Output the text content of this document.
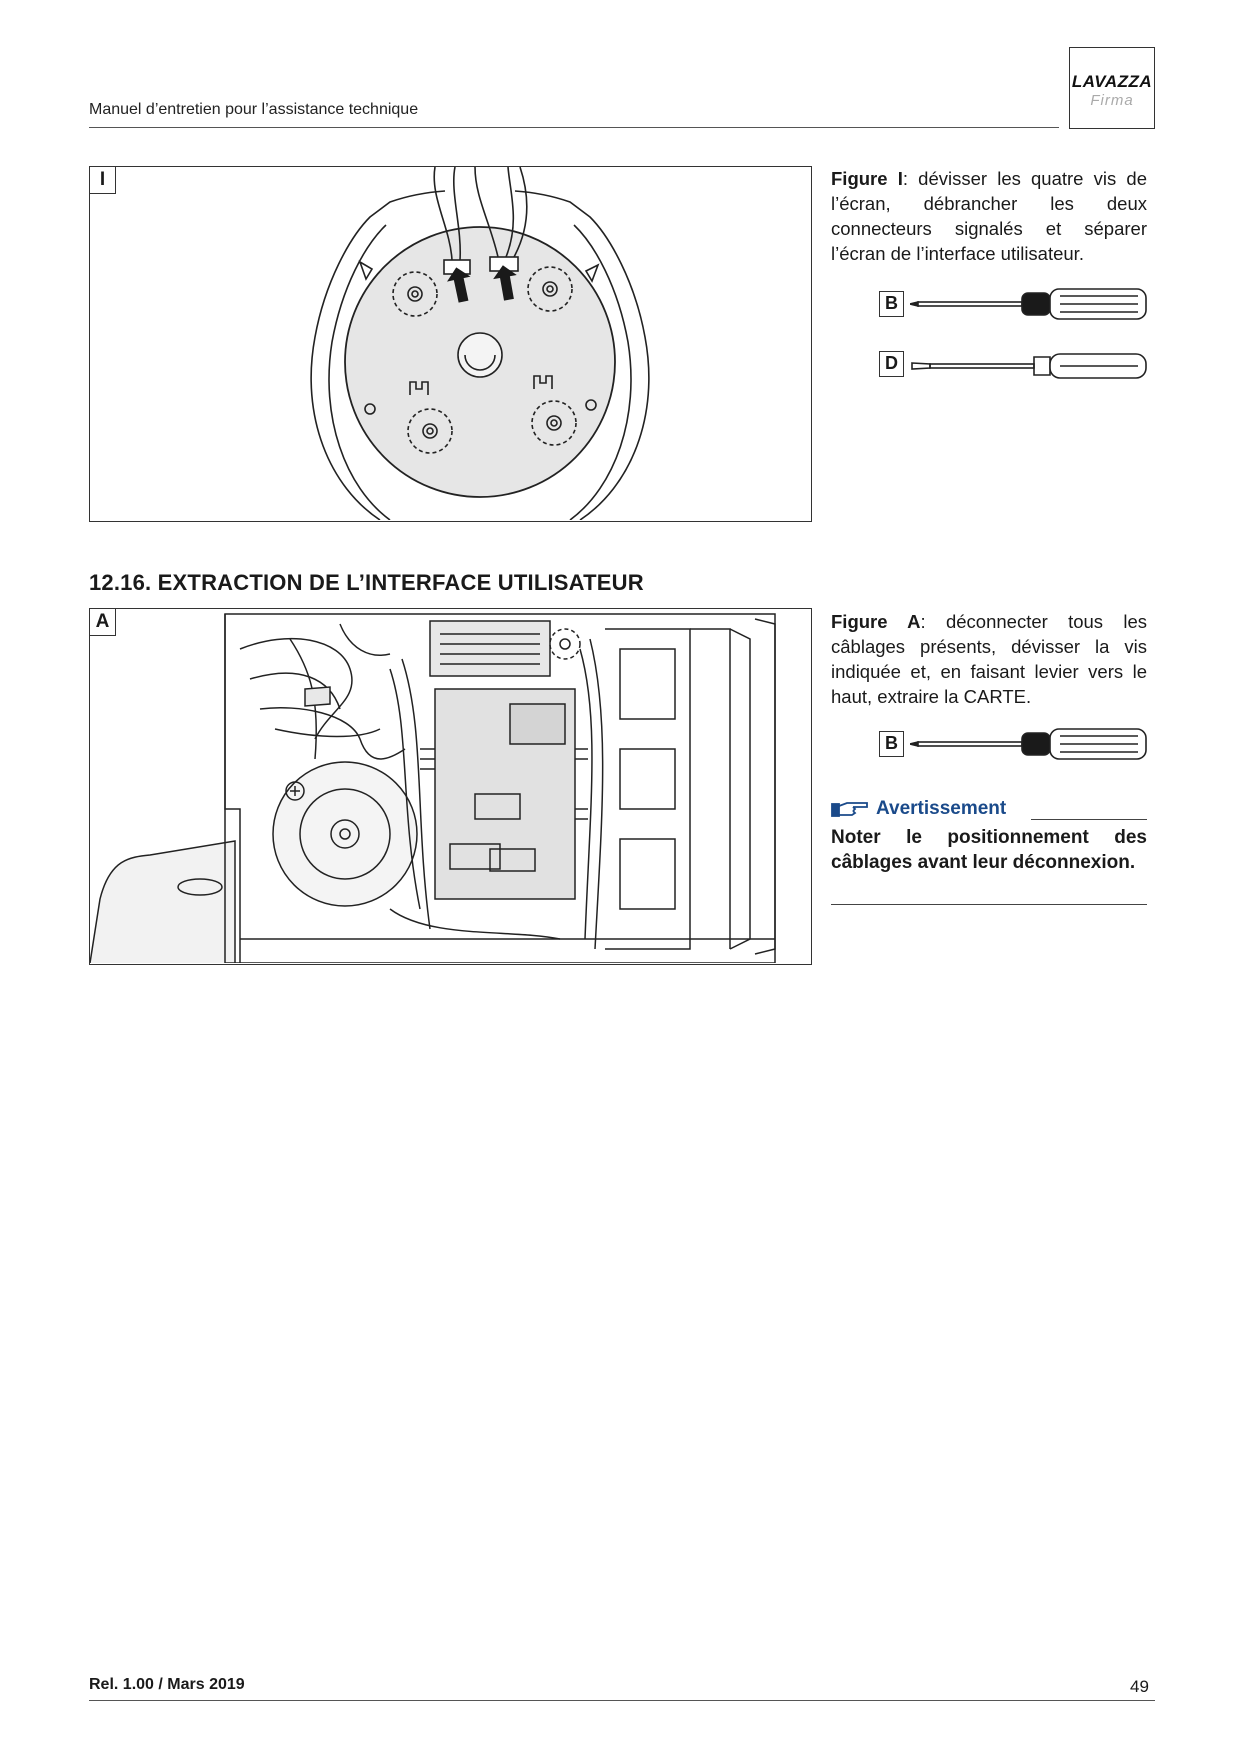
Manuel d’entretien pour l’assistance technique
LAVAZZA
Firma
I	Figure I: dévisser les quatre vis de l’écran, débrancher les deux connecteurs signalés et séparer l’écran de l’interface utilisateur.
B
D
12.16. EXTRACTION DE L’INTERFACE UTILISATEUR
A	Figure A: déconnecter tous les câblages présents, dévisser la vis indiquée et, en faisant levier vers le haut, extraire la CARTE.
B
Avertissement
Noter le positionnement des câblages avant leur déconnexion.
Rel. 1.00 / Mars 2019	49
